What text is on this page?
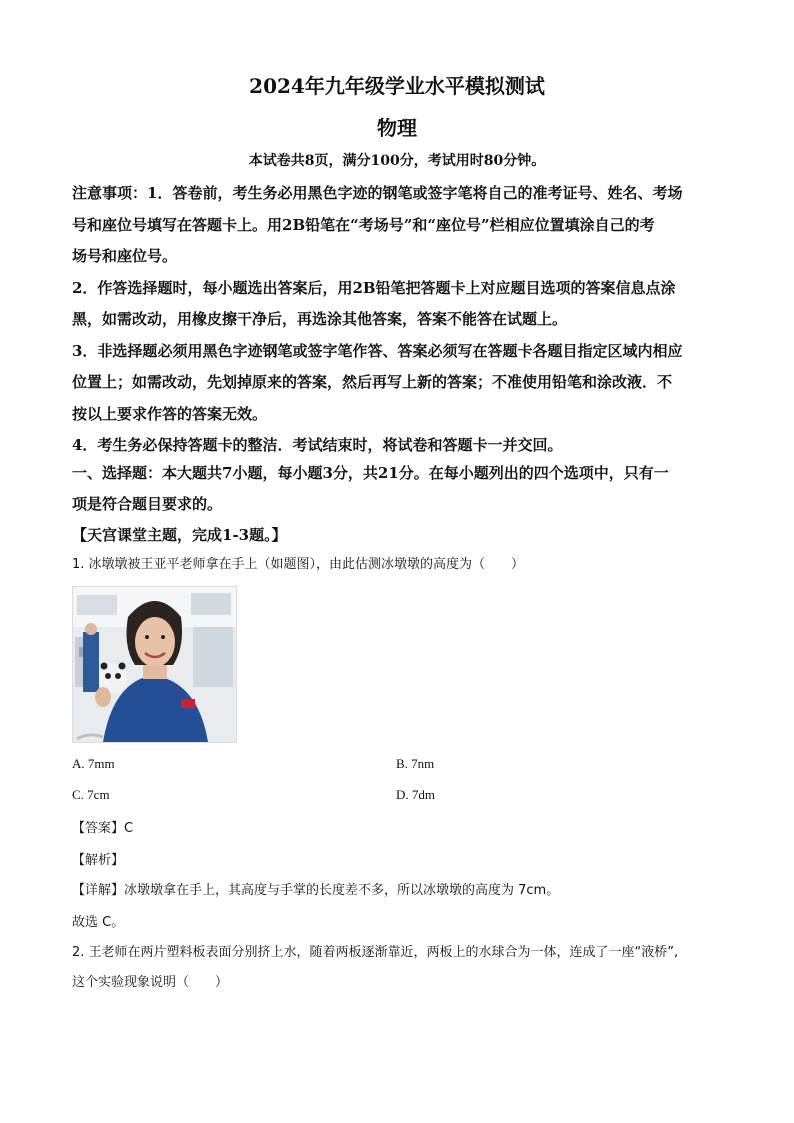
2024年九年级学业水平模拟测试
物理
本试卷共8页，满分100分，考试用时80分钟。

注意事项：1．答卷前，考生务必用黑色字迹的钢笔或签字笔将自己的准考证号、姓名、考场

号和座位号填写在答题卡上。用2B铅笔在“考场号”和“座位号”栏相应位置填涂自己的考

场号和座位号。

2．作答选择题时，每小题选出答案后，用2B铅笔把答题卡上对应题目选项的答案信息点涂

黑，如需改动，用橡皮擦干净后，再选涂其他答案，答案不能答在试题上。

3．非选择题必须用黑色字迹钢笔或签字笔作答、答案必须写在答题卡各题目指定区域内相应

位置上；如需改动，先划掉原来的答案，然后再写上新的答案；不准使用铅笔和涂改液．不

按以上要求作答的答案无效。

4．考生务必保持答题卡的整洁．考试结束时，将试卷和答题卡一并交回。

一、选择题：本大题共7小题，每小题3分，共21分。在每小题列出的四个选项中，只有一

项是符合题目要求的。

【天宫课堂主题，完成1-3题。】

1. 冰墩墩被王亚平老师拿在手上（如题图），由此估测冰墩墩的高度为（　　）
A. 7mm	B. 7nm
C. 7cm	D. 7dm
【答案】C
【解析】
【详解】冰墩墩拿在手上，其高度与手掌的长度差不多，所以冰墩墩的高度为 7cm。
故选 C。
2. 王老师在两片塑料板表面分别挤上水，随着两板逐渐靠近，两板上的水球合为一体，连成了一座“液桥”,
这个实验现象说明（　　）
